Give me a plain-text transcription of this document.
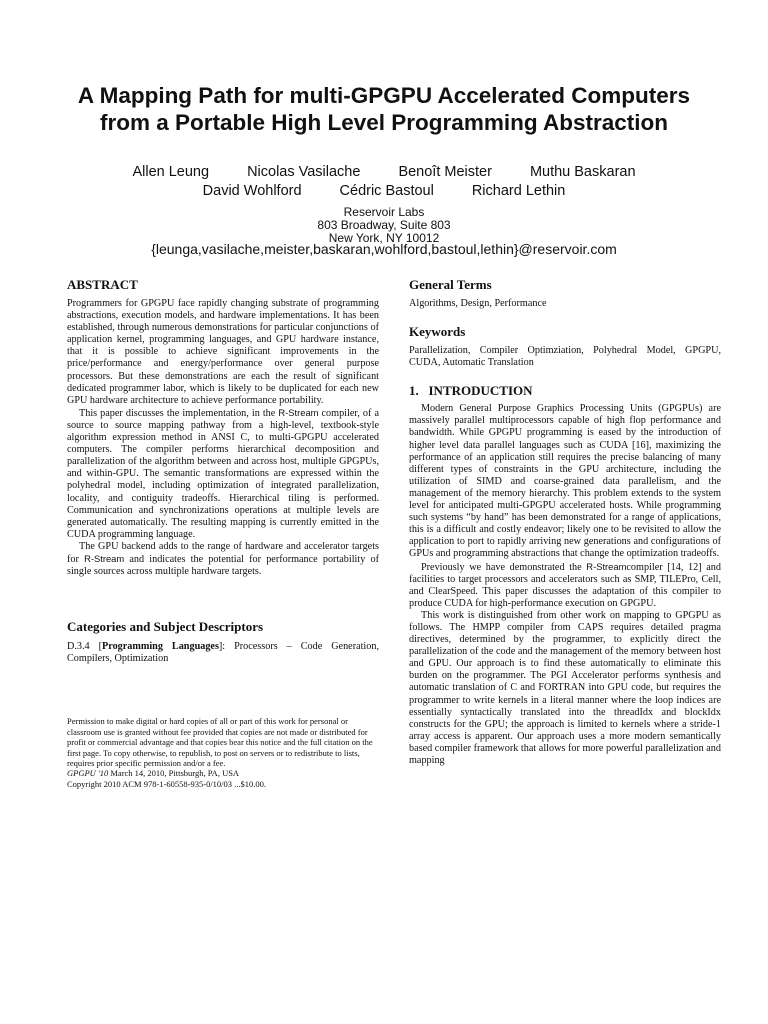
A Mapping Path for multi-GPGPU Accelerated Computers
from a Portable High Level Programming Abstraction
Allen Leung	Nicolas Vasilache	Benoît Meister	Muthu Baskaran
David Wohlford	Cédric Bastoul	Richard Lethin
Reservoir Labs
803 Broadway, Suite 803
New York, NY 10012
{leunga,vasilache,meister,baskaran,wohlford,bastoul,lethin}@reservoir.com
ABSTRACT

Programmers for GPGPU face rapidly changing substrate of programming abstractions, execution models, and hardware implementations. It has been established, through numerous demonstrations for particular conjunctions of application kernel, programming languages, and GPU hardware instance, that it is possible to achieve significant improvements in the price/performance and energy/performance over general purpose processors. But these demonstrations are each the result of significant dedicated programmer labor, which is likely to be duplicated for each new GPU hardware architecture to achieve performance portability.

This paper discusses the implementation, in the R-Stream compiler, of a source to source mapping pathway from a high-level, textbook-style algorithm expression method in ANSI C, to multi-GPGPU accelerated computers. The compiler performs hierarchical decomposition and parallelization of the algorithm between and across host, multiple GPGPUs, and within-GPU. The semantic transformations are expressed within the polyhedral model, including optimization of integrated parallelization, locality, and contiguity tradeoffs. Hierarchical tiling is performed. Communication and synchronizations operations at multiple levels are generated automatically. The resulting mapping is currently emitted in the CUDA programming language.

The GPU backend adds to the range of hardware and accelerator targets for R-Stream and indicates the potential for performance portability of single sources across multiple hardware targets.

Categories and Subject Descriptors

D.3.4 [Programming Languages]: Processors – Code Generation, Compilers, Optimization

Permission to make digital or hard copies of all or part of this work for personal or classroom use is granted without fee provided that copies are not made or distributed for profit or commercial advantage and that copies bear this notice and the full citation on the first page. To copy otherwise, to republish, to post on servers or to redistribute to lists, requires prior specific permission and/or a fee.

GPGPU '10 March 14, 2010, Pittsburgh, PA, USA

Copyright 2010 ACM 978-1-60558-935-0/10/03 ...$10.00.

General Terms

Algorithms, Design, Performance

Keywords

Parallelization, Compiler Optimziation, Polyhedral Model, GPGPU, CUDA, Automatic Translation

1.   INTRODUCTION

Modern General Purpose Graphics Processing Units (GPGPUs) are massively parallel multiprocessors capable of high flop performance and bandwidth. While GPGPU programming is eased by the introduction of higher level data parallel languages such as CUDA [16], maximizing the performance of an application still requires the precise balancing of many different types of constraints in the GPU architecture, including the utilization of SIMD and coarse-grained data parallelism, and the management of the memory hierarchy. This problem extends to the system level for anticipated multi-GPGPU accelerated hosts. While programming such systems “by hand” has been demonstrated for a range of applications, this is a difficult and costly endeavor; likely one to be revisited to allow the application to port to rapidly arriving new generations and configurations of GPUs and programming abstractions that change the optimization tradeoffs.

Previously we have demonstrated the R-Streamcompiler [14, 12] and facilities to target processors and accelerators such as SMP, TILEPro, Cell, and ClearSpeed. This paper discusses the adaptation of this compiler to produce CUDA for high-performance execution on GPGPU.

This work is distinguished from other work on mapping to GPGPU as follows. The HMPP compiler from CAPS requires detailed pragma directives, determined by the programmer, to explicitly direct the parallelization of the code and the management of the memory between host and GPU. Our approach is to find these automatically to eliminate this burden on the programmer. The PGI Accelerator performs synthesis and automatic translation of C and FORTRAN into GPU code, but requires the programmer to write kernels in a literal manner where the loop indices are essentially syntactically translated into the threadIdx and blockIdx constructs for the GPU; the approach is limited to kernels where a stride-1 array access is apparent. Our approach uses a more modern semantically based compiler framework that allows for more powerful parallelization and mapping
